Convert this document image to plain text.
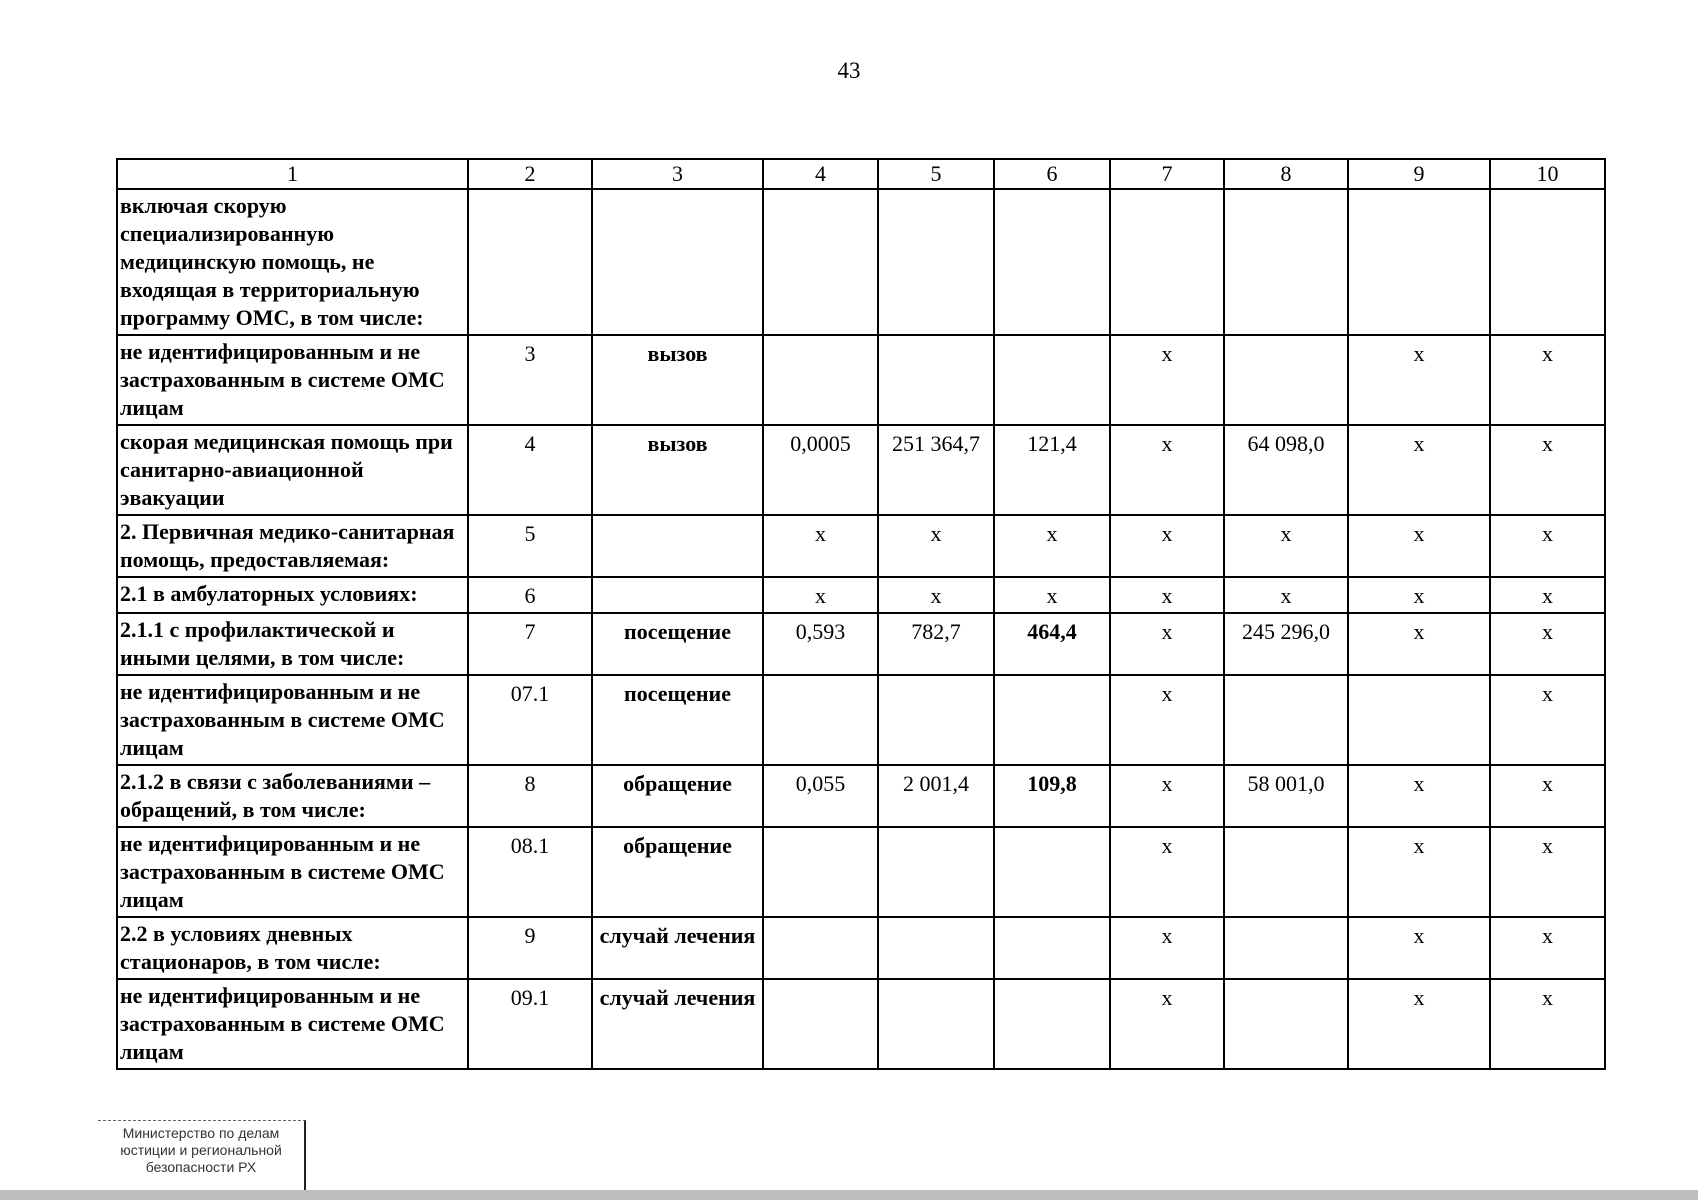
43
1	2	3	4	5	6	7	8	9	10
включая скорую специализированную медицинскую помощь, не входящая в территориальную программу ОМС, в том числе:									
не идентифицированным и не застрахованным в системе ОМС лицам	3	вызов				х		х	х
скорая медицинская помощь при санитарно-авиационной эвакуации	4	вызов	0,0005	251 364,7	121,4	х	64 098,0	х	х
2. Первичная медико-санитарная помощь, предоставляемая:	5		х	х	х	х	х	х	х
2.1 в амбулаторных условиях:	6		х	х	х	х	х	х	х
2.1.1 с профилактической и иными целями, в том числе:	7	посещение	0,593	782,7	464,4	х	245 296,0	х	х
не идентифицированным и не застрахованным в системе ОМС лицам	07.1	посещение				х			х
2.1.2 в связи с заболеваниями – обращений, в том числе:	8	обращение	0,055	2 001,4	109,8	х	58 001,0	х	х
не идентифицированным и не застрахованным в системе ОМС лицам	08.1	обращение				х		х	х
2.2 в условиях дневных стационаров, в том числе:	9	случай лечения				х		х	х
не идентифицированным и не застрахованным в системе ОМС лицам	09.1	случай лечения				х		х	х
Министерство по делам
юстиции и региональной
безопасности РХ
